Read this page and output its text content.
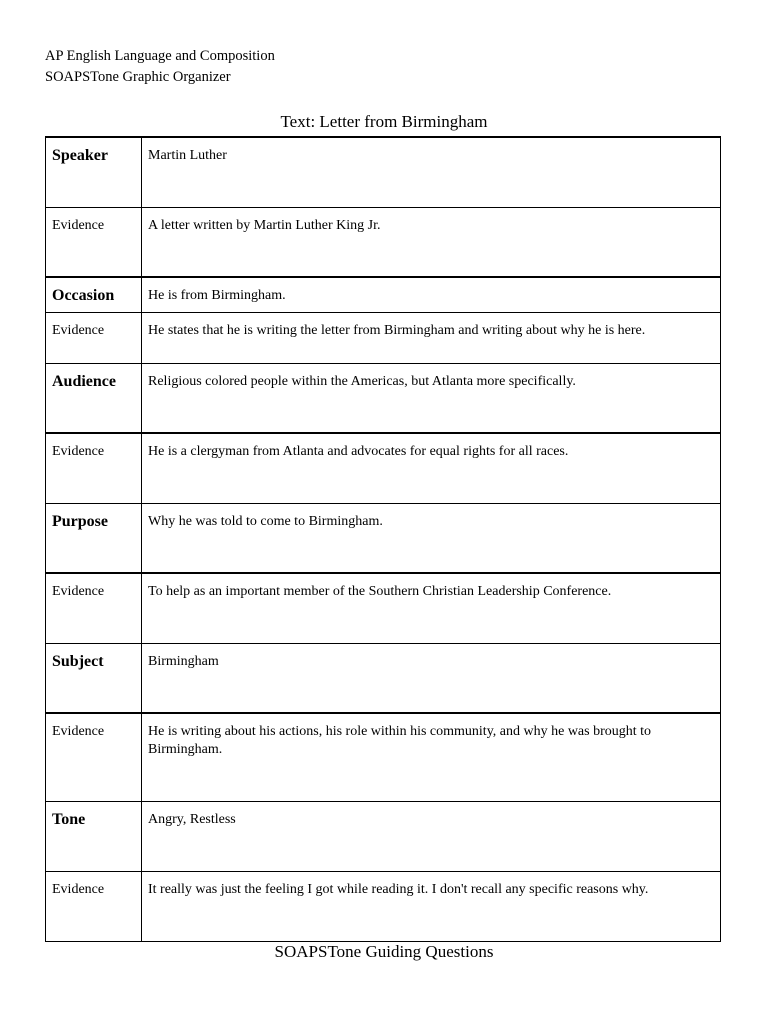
AP English Language and Composition
SOAPSTone Graphic Organizer
Text: Letter from Birmingham
Speaker	Martin Luther

Evidence	A letter written by Martin Luther King Jr.

Occasion	He is from Birmingham.

Evidence	He states that he is writing the letter from Birmingham and writing about why he is here.

Audience	Religious colored people within the Americas, but Atlanta more specifically.

Evidence	He is a clergyman from Atlanta and advocates for equal rights for all races.

Purpose	Why he was told to come to Birmingham.

Evidence	To help as an important member of the Southern Christian Leadership Conference.

Subject	Birmingham

Evidence	He is writing about his actions, his role within his community, and why he was brought to Birmingham.

Tone	Angry, Restless

Evidence	It really was just the feeling I got while reading it. I don't recall any specific reasons why.
SOAPSTone Guiding Questions
